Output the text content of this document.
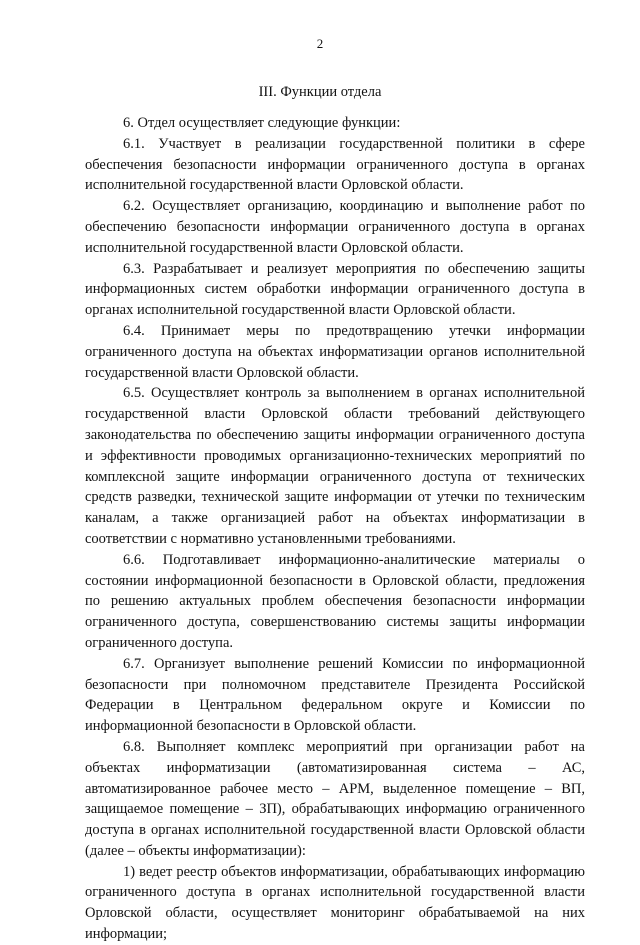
2
III. Функции отдела

6. Отдел осуществляет следующие функции:

6.1. Участвует в реализации государственной политики в сфере обеспечения безопасности информации ограниченного доступа в органах исполнительной государственной власти Орловской области.

6.2. Осуществляет организацию, координацию и выполнение работ по обеспечению безопасности информации ограниченного доступа в органах исполнительной государственной власти Орловской области.

6.3. Разрабатывает и реализует мероприятия по обеспечению защиты информационных систем обработки информации ограниченного доступа в органах исполнительной государственной власти Орловской области.

6.4. Принимает меры по предотвращению утечки информации ограниченного доступа на объектах информатизации органов исполнительной государственной власти Орловской области.

6.5. Осуществляет контроль за выполнением в органах исполнительной государственной власти Орловской области требований действующего законодательства по обеспечению защиты информации ограниченного доступа и эффективности проводимых организационно-технических мероприятий по комплексной защите информации ограниченного доступа от технических средств разведки, технической защите информации от утечки по техническим каналам, а также организацией работ на объектах информатизации в соответствии с нормативно установленными требованиями.

6.6. Подготавливает информационно-аналитические материалы о состоянии информационной безопасности в Орловской области, предложения по решению актуальных проблем обеспечения безопасности информации ограниченного доступа, совершенствованию системы защиты информации ограниченного доступа.

6.7. Организует выполнение решений Комиссии по информационной безопасности при полномочном представителе Президента Российской Федерации в Центральном федеральном округе и Комиссии по информационной безопасности в Орловской области.

6.8. Выполняет комплекс мероприятий при организации работ на объектах информатизации (автоматизированная система – АС, автоматизированное рабочее место – АРМ, выделенное помещение – ВП, защищаемое помещение – ЗП), обрабатывающих информацию ограниченного доступа в органах исполнительной государственной власти Орловской области (далее – объекты информатизации):

1) ведет реестр объектов информатизации, обрабатывающих информацию ограниченного доступа в органах исполнительной государственной власти Орловской области, осуществляет мониторинг обрабатываемой на них информации;
